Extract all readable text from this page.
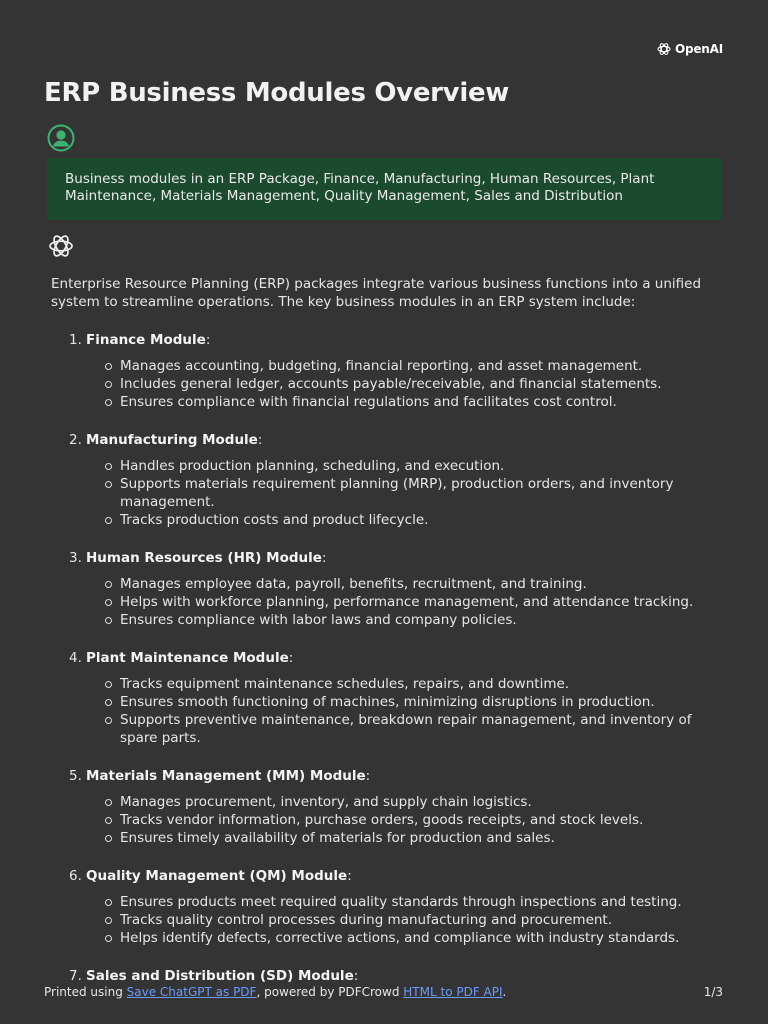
OpenAI
ERP Business Modules Overview
Business modules in an ERP Package, Finance, Manufacturing, Human Resources, Plant Maintenance, Materials Management, Quality Management, Sales and Distribution

Enterprise Resource Planning (ERP) packages integrate various business functions into a unified system to streamline operations. The key business modules in an ERP system include:

1. Finance Module:
Manages accounting, budgeting, financial reporting, and asset management.
Includes general ledger, accounts payable/receivable, and financial statements.
Ensures compliance with financial regulations and facilitates cost control.
2. Manufacturing Module:
Handles production planning, scheduling, and execution.
Supports materials requirement planning (MRP), production orders, and inventory management.
Tracks production costs and product lifecycle.
3. Human Resources (HR) Module:
Manages employee data, payroll, benefits, recruitment, and training.
Helps with workforce planning, performance management, and attendance tracking.
Ensures compliance with labor laws and company policies.
4. Plant Maintenance Module:
Tracks equipment maintenance schedules, repairs, and downtime.
Ensures smooth functioning of machines, minimizing disruptions in production.
Supports preventive maintenance, breakdown repair management, and inventory of spare parts.
5. Materials Management (MM) Module:
Manages procurement, inventory, and supply chain logistics.
Tracks vendor information, purchase orders, goods receipts, and stock levels.
Ensures timely availability of materials for production and sales.
6. Quality Management (QM) Module:
Ensures products meet required quality standards through inspections and testing.
Tracks quality control processes during manufacturing and procurement.
Helps identify defects, corrective actions, and compliance with industry standards.
7. Sales and Distribution (SD) Module:
Printed using Save ChatGPT as PDF, powered by PDFCrowd HTML to PDF API.	1/3
